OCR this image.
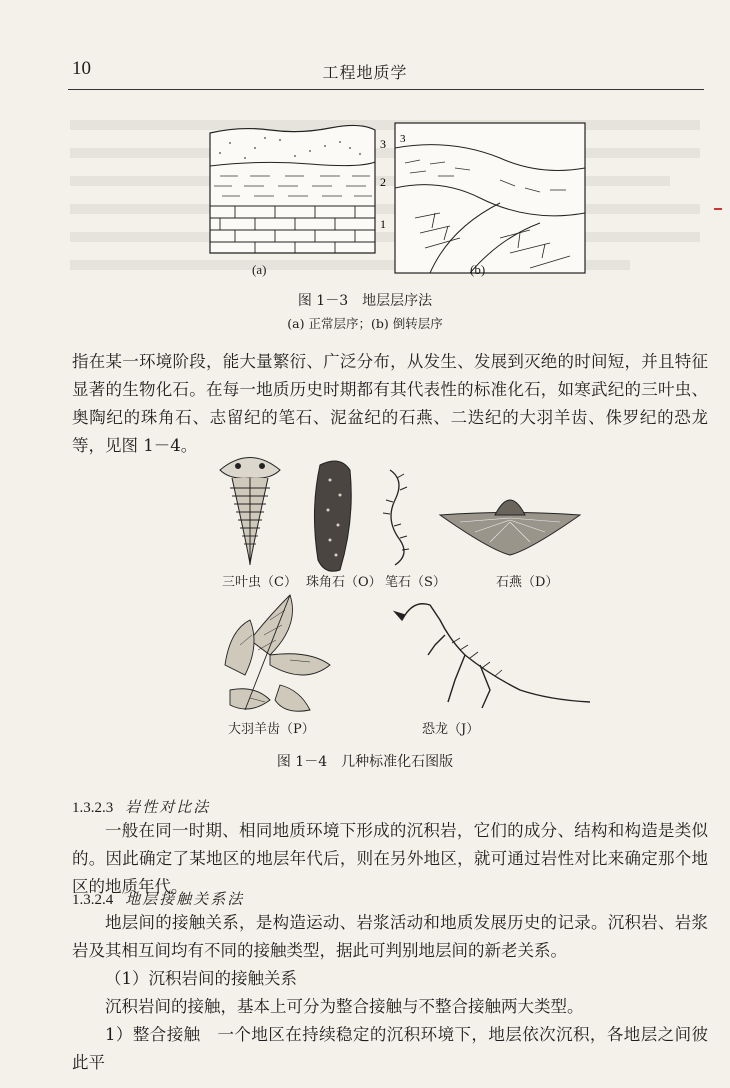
10	工程地质学
3
2
1
3
(a)	(b)
图 1－3　地层层序法
(a) 正常层序；(b) 倒转层序
指在某一环境阶段，能大量繁衍、广泛分布，从发生、发展到灭绝的时间短，并且特征显著的生物化石。在每一地质历史时期都有其代表性的标准化石，如寒武纪的三叶虫、奥陶纪的珠角石、志留纪的笔石、泥盆纪的石燕、二迭纪的大羽羊齿、侏罗纪的恐龙等，见图 1－4。
三叶虫（C） 珠角石（O） 笔石（S）	石燕（D）
大羽羊齿（P）	恐龙（J）
图 1－4　几种标准化石图版
1.3.2.3 岩性对比法
一般在同一时期、相同地质环境下形成的沉积岩，它们的成分、结构和构造是类似的。因此确定了某地区的地层年代后，则在另外地区，就可通过岩性对比来确定那个地区的地质年代。
1.3.2.4 地层接触关系法
地层间的接触关系，是构造运动、岩浆活动和地质发展历史的记录。沉积岩、岩浆岩及其相互间均有不同的接触类型，据此可判别地层间的新老关系。
（1）沉积岩间的接触关系
沉积岩间的接触，基本上可分为整合接触与不整合接触两大类型。
1）整合接触　一个地区在持续稳定的沉积环境下，地层依次沉积，各地层之间彼此平
